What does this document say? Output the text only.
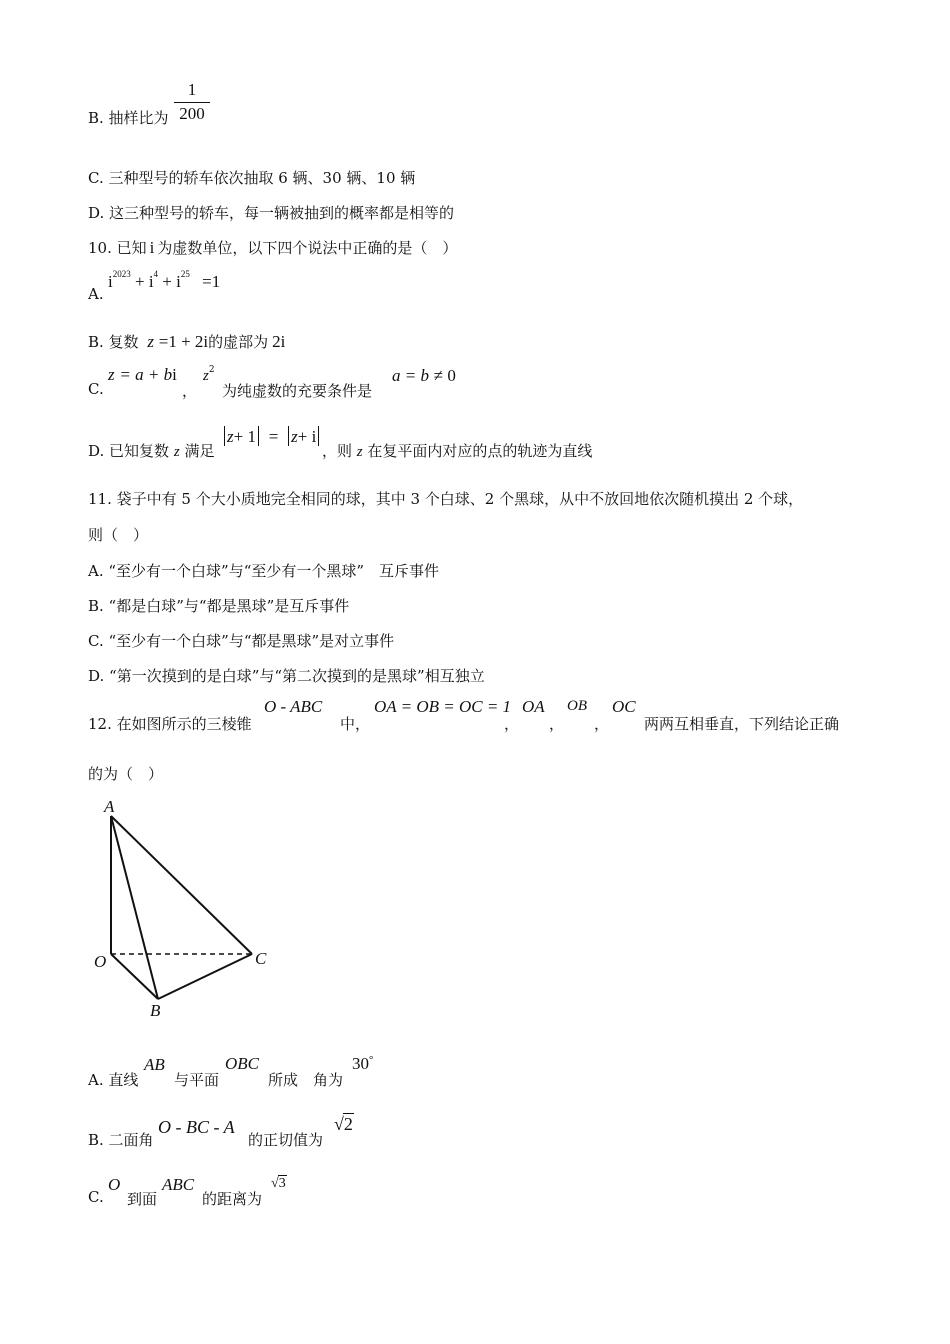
B. 抽样比为 $\frac{1}{200}$
C. 三种型号的轿车依次抽取 6 辆、30 辆、10 辆
D. 这三种型号的轿车，每一辆被抽到的概率都是相等的
10. 已知 i 为虚数单位，以下四个说法中正确的是（　）
A.
$i^{2023} + i^4 + i^{25} =1$
B. 复数 z =1 + 2i的虚部为 2i
C.
z = a + bi
，
$z^2$
为纯虚数的充要条件是
a = b ≠ 0
D. 已知复数 z 满足
z+ 1 = z+ i
，则 z 在复平面内对应的点的轨迹为直线
11. 袋子中有 5 个大小质地完全相同的球，其中 3 个白球、2 个黑球，从中不放回地依次随机摸出 2 个球，
则（　）
A. “至少有一个白球”与“至少有一个黑球”　互斥事件
B. “都是白球”与“都是黑球”是互斥事件
C. “至少有一个白球”与“都是黑球”是对立事件
D. “第一次摸到的是白球”与“第二次摸到的是黑球”相互独立
12. 在如图所示的三棱锥
O - ABC
中，
OA = OB = OC = 1
，
OA
，
OB
，
OC
两两互相垂直，下列结论正确
的为（　）
A
O
B
C
A. 直线
AB
与平面
OBC
所成　角为
30°
B. 二面角
O - BC - A
的正切值为
√2
C.
O
到面
ABC
的距离为
√3
